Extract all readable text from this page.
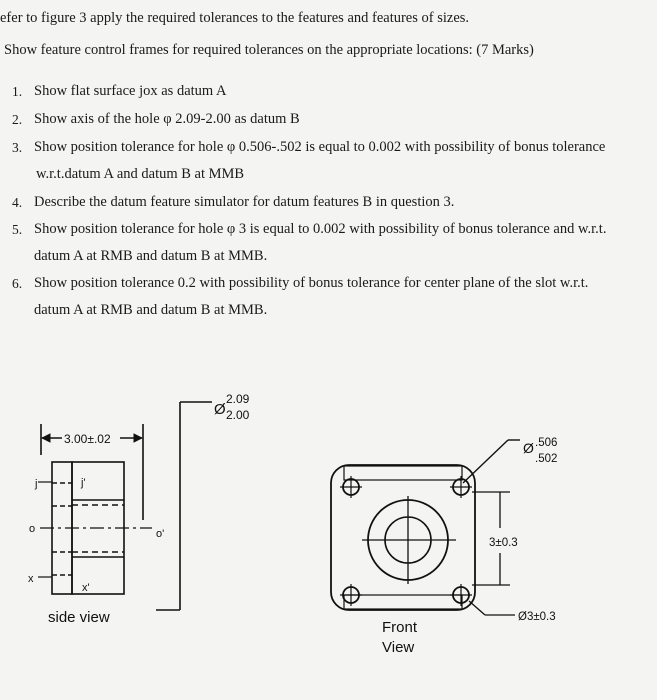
efer to figure 3 apply the required tolerances to the features and features of sizes.
Show feature control frames for required tolerances on the appropriate locations: (7 Marks)
1. Show flat surface jox as datum A
2. Show axis of the hole φ 2.09-2.00 as datum B
3. Show position tolerance for hole φ 0.506-.502 is equal to 0.002 with possibility of bonus tolerance
w.r.t.datum A and datum B at MMB
4. Describe the datum feature simulator for datum features B in question 3.
5. Show position tolerance for hole φ 3 is equal to 0.002 with possibility of bonus tolerance and w.r.t.
datum A at RMB and datum B at MMB.
6. Show position tolerance 0.2 with possibility of bonus tolerance for center plane of the slot w.r.t.
datum A at RMB and datum B at MMB.
3.00±.02
j	j'
o	o'
x
x'
side view
Ø
2.09
2.00
Ø .506
.502
3±0.3
Ø3±0.3
Front
View
